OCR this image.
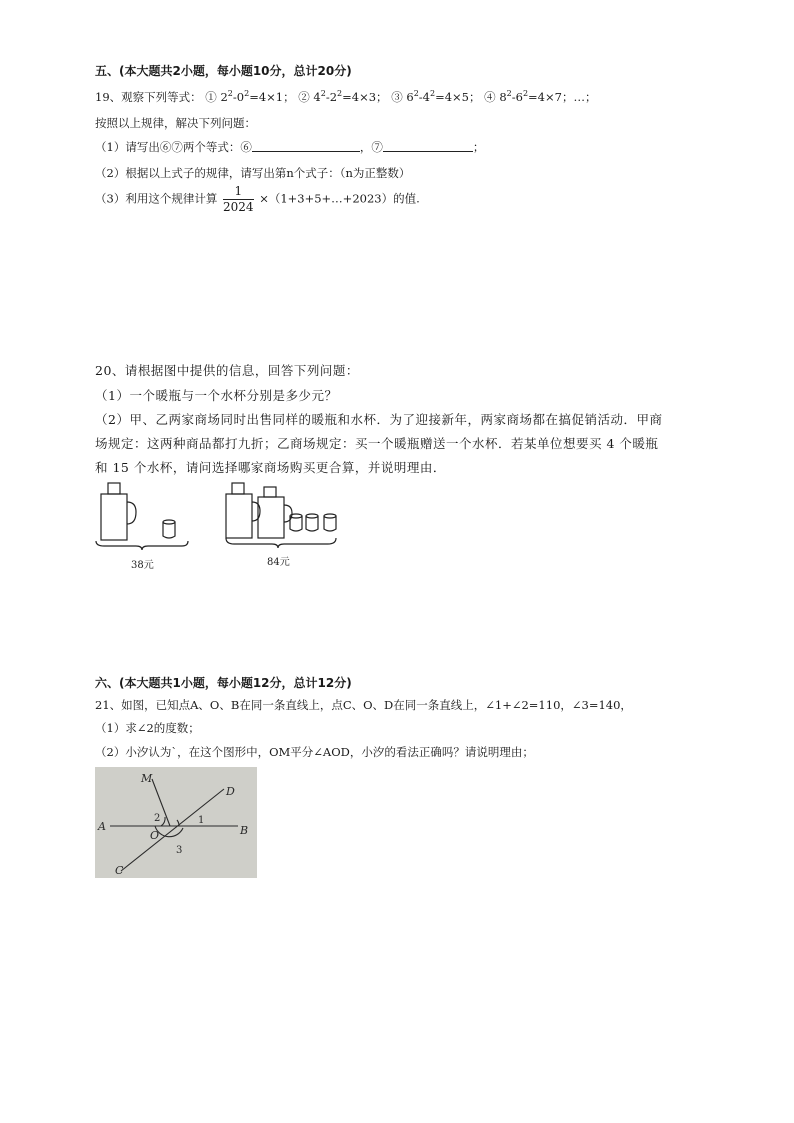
五、(本大题共2小题，每小题10分，总计20分)
19、观察下列等式： ① $2^2-0^2=4\times 1$； ② $4^2-2^2=4\times 3$； ③ $6^2-4^2=4\times 5$； ④ $8^2-6^2=4\times 7$；…；
按照以上规律，解决下列问题：
（1）请写出⑥⑦两个等式：⑥	，⑦	；
（2）根据以上式子的规律，请写出第n个式子：（n为正整数）
（3）利用这个规律计算 $\frac{1}{2024}$ ×（1+3+5+…+2023）的值.
20、请根据图中提供的信息，回答下列问题：
（1）一个暖瓶与一个水杯分别是多少元？
（2）甲、乙两家商场同时出售同样的暖瓶和水杯．为了迎接新年，两家商场都在搞促销活动．甲商
场规定：这两种商品都打九折；乙商场规定：买一个暖瓶赠送一个水杯．若某单位想要买 4 个暖瓶
和 15 个水杯，请问选择哪家商场购买更合算，并说明理由．
38元	84元
六、(本大题共1小题，每小题12分，总计12分)
21、如图，已知点A、O、B在同一条直线上，点C、O、D在同一条直线上，∠1+∠2=110，∠3=140，
（1）求∠2的度数；
（2）小汐认为`，在这个图形中，OM平分∠AOD，小汐的看法正确吗？请说明理由；
M
D
A
O	B
C
2	1
3
